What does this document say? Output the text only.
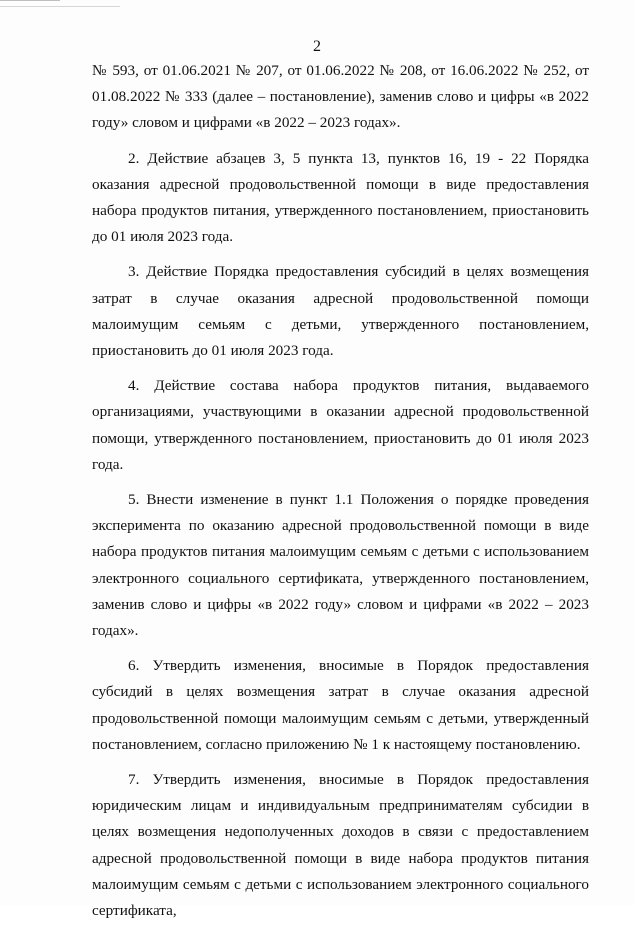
2

№ 593, от 01.06.2021 № 207, от 01.06.2022 № 208, от 16.06.2022 № 252, от 01.08.2022 № 333 (далее – постановление), заменив слово и цифры «в 2022 году» словом и цифрами «в 2022 – 2023 годах».

2. Действие абзацев 3, 5 пункта 13, пунктов 16, 19 - 22 Порядка оказания адресной продовольственной помощи в виде предоставления набора продуктов питания, утвержденного постановлением, приостановить до 01 июля 2023 года.

3. Действие Порядка предоставления субсидий в целях возмещения затрат в случае оказания адресной продовольственной помощи малоимущим семьям с детьми, утвержденного постановлением, приостановить до 01 июля 2023 года.

4. Действие состава набора продуктов питания, выдаваемого организациями, участвующими в оказании адресной продовольственной помощи, утвержденного постановлением, приостановить до 01 июля 2023 года.

5. Внести изменение в пункт 1.1 Положения о порядке проведения эксперимента по оказанию адресной продовольственной помощи в виде набора продуктов питания малоимущим семьям с детьми с использованием электронного социального сертификата, утвержденного постановлением, заменив слово и цифры «в 2022 году» словом и цифрами «в 2022 – 2023 годах».

6. Утвердить изменения, вносимые в Порядок предоставления субсидий в целях возмещения затрат в случае оказания адресной продовольственной помощи малоимущим семьям с детьми, утвержденный постановлением, согласно приложению № 1 к настоящему постановлению.

7. Утвердить изменения, вносимые в Порядок предоставления юридическим лицам и индивидуальным предпринимателям субсидии в целях возмещения недополученных доходов в связи с предоставлением адресной продовольственной помощи в виде набора продуктов питания малоимущим семьям с детьми с использованием электронного социального сертификата,
